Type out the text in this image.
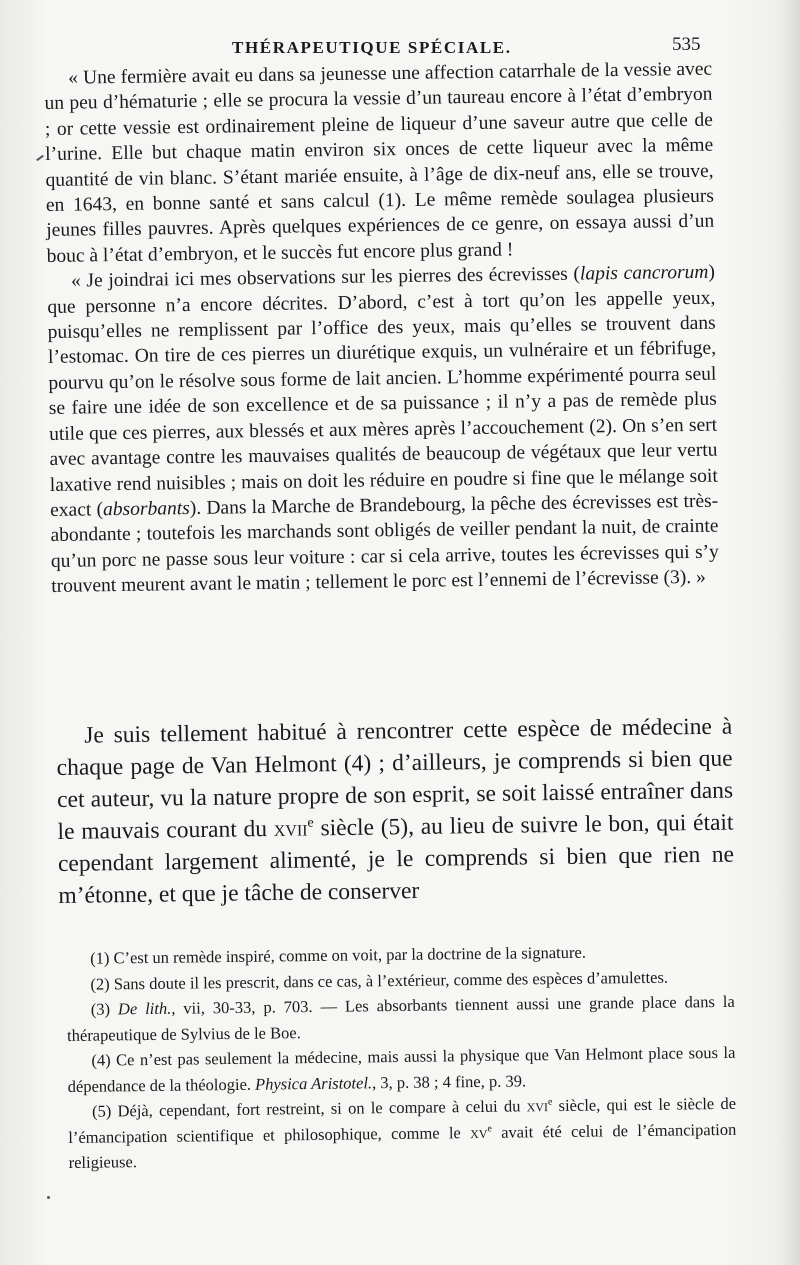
THÉRAPEUTIQUE SPÉCIALE.	535

« Une fermière avait eu dans sa jeunesse une affection catarrhale de la vessie avec un peu d’hématurie ; elle se procura la vessie d’un taureau encore à l’état d’embryon ; or cette vessie est ordinairement pleine de liqueur d’une saveur autre que celle de l’urine. Elle but chaque matin environ six onces de cette liqueur avec la même quantité de vin blanc. S’étant mariée ensuite, à l’âge de dix-neuf ans, elle se trouve, en 1643, en bonne santé et sans calcul (1). Le même remède soulagea plusieurs jeunes filles pauvres. Après quelques expériences de ce genre, on essaya aussi d’un bouc à l’état d’embryon, et le succès fut encore plus grand !

« Je joindrai ici mes observations sur les pierres des écrevisses (lapis cancrorum) que personne n’a encore décrites. D’abord, c’est à tort qu’on les appelle yeux, puisqu’elles ne remplissent par l’office des yeux, mais qu’elles se trouvent dans l’estomac. On tire de ces pierres un diurétique exquis, un vulnéraire et un fébrifuge, pourvu qu’on le résolve sous forme de lait ancien. L’homme expérimenté pourra seul se faire une idée de son excellence et de sa puissance ; il n’y a pas de remède plus utile que ces pierres, aux blessés et aux mères après l’accouchement (2). On s’en sert avec avantage contre les mauvaises qualités de beaucoup de végétaux que leur vertu laxative rend nuisibles ; mais on doit les réduire en poudre si fine que le mélange soit exact (absorbants). Dans la Marche de Brandebourg, la pêche des écrevisses est très-abondante ; toutefois les marchands sont obligés de veiller pendant la nuit, de crainte qu’un porc ne passe sous leur voiture : car si cela arrive, toutes les écrevisses qui s’y trouvent meurent avant le matin ; tellement le porc est l’ennemi de l’écrevisse (3). »

Je suis tellement habitué à rencontrer cette espèce de médecine à chaque page de Van Helmont (4) ; d’ailleurs, je comprends si bien que cet auteur, vu la nature propre de son esprit, se soit laissé entraîner dans le mauvais courant du xvii$^e$ siècle (5), au lieu de suivre le bon, qui était cependant largement alimenté, je le comprends si bien que rien ne m’étonne, et que je tâche de conserver

(1) C’est un remède inspiré, comme on voit, par la doctrine de la signature.

(2) Sans doute il les prescrit, dans ce cas, à l’extérieur, comme des espèces d’amulettes.

(3) De lith., vii, 30-33, p. 703. — Les absorbants tiennent aussi une grande place dans la thérapeutique de Sylvius de le Boe.

(4) Ce n’est pas seulement la médecine, mais aussi la physique que Van Helmont place sous la dépendance de la théologie. Physica Aristotel., 3, p. 38 ; 4 fine, p. 39.

(5) Déjà, cependant, fort restreint, si on le compare à celui du xvi$^e$ siècle, qui est le siècle de l’émancipation scientifique et philosophique, comme le $xv^e$ avait été celui de l’émancipation religieuse.
